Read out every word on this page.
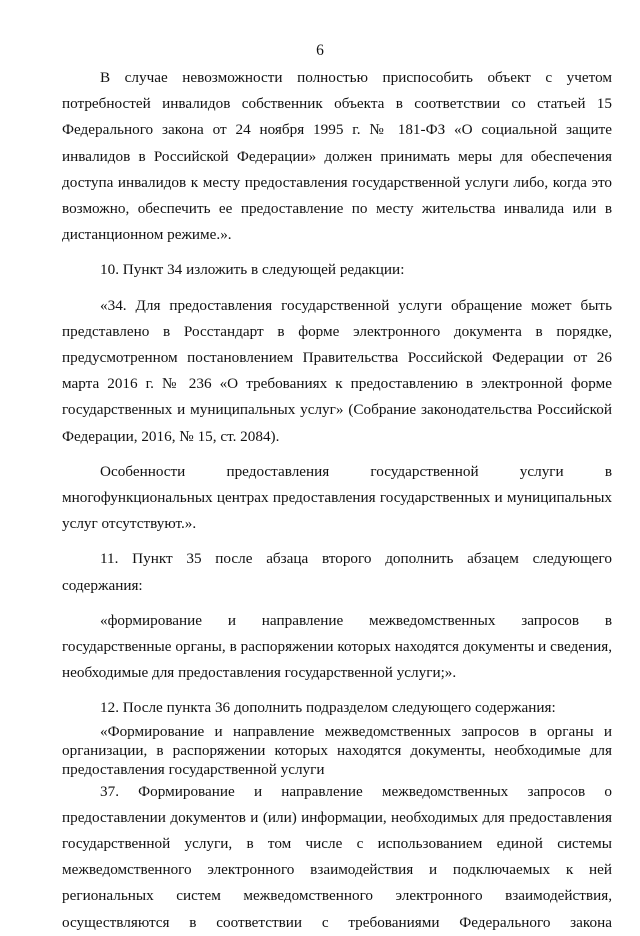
6

В случае невозможности полностью приспособить объект с учетом потребностей инвалидов собственник объекта в соответствии со статьей 15 Федерального закона от 24 ноября 1995 г. № 181-ФЗ «О социальной защите инвалидов в Российской Федерации» должен принимать меры для обеспечения доступа инвалидов к месту предоставления государственной услуги либо, когда это возможно, обеспечить ее предоставление по месту жительства инвалида или в дистанционном режиме.».

10. Пункт 34 изложить в следующей редакции:

«34. Для предоставления государственной услуги обращение может быть представлено в Росстандарт в форме электронного документа в порядке, предусмотренном постановлением Правительства Российской Федерации от 26 марта 2016 г. № 236 «О требованиях к предоставлению в электронной форме государственных и муниципальных услуг» (Собрание законодательства Российской Федерации, 2016, № 15, ст. 2084).

Особенности предоставления государственной услуги в многофункциональных центрах предоставления государственных и муниципальных услуг отсутствуют.».

11. Пункт 35 после абзаца второго дополнить абзацем следующего содержания:

«формирование и направление межведомственных запросов в государственные органы, в распоряжении которых находятся документы и сведения, необходимые для предоставления государственной услуги;».

12. После пункта 36 дополнить подразделом следующего содержания:

«Формирование и направление межведомственных запросов в органы и организации, в распоряжении которых находятся документы, необходимые для предоставления государственной услуги

37. Формирование и направление межведомственных запросов о предоставлении документов и (или) информации, необходимых для предоставления государственной услуги, в том числе с использованием единой системы межведомственного электронного взаимодействия и подключаемых к ней региональных систем межведомственного электронного взаимодействия, осуществляются в соответствии с требованиями Федерального закона
